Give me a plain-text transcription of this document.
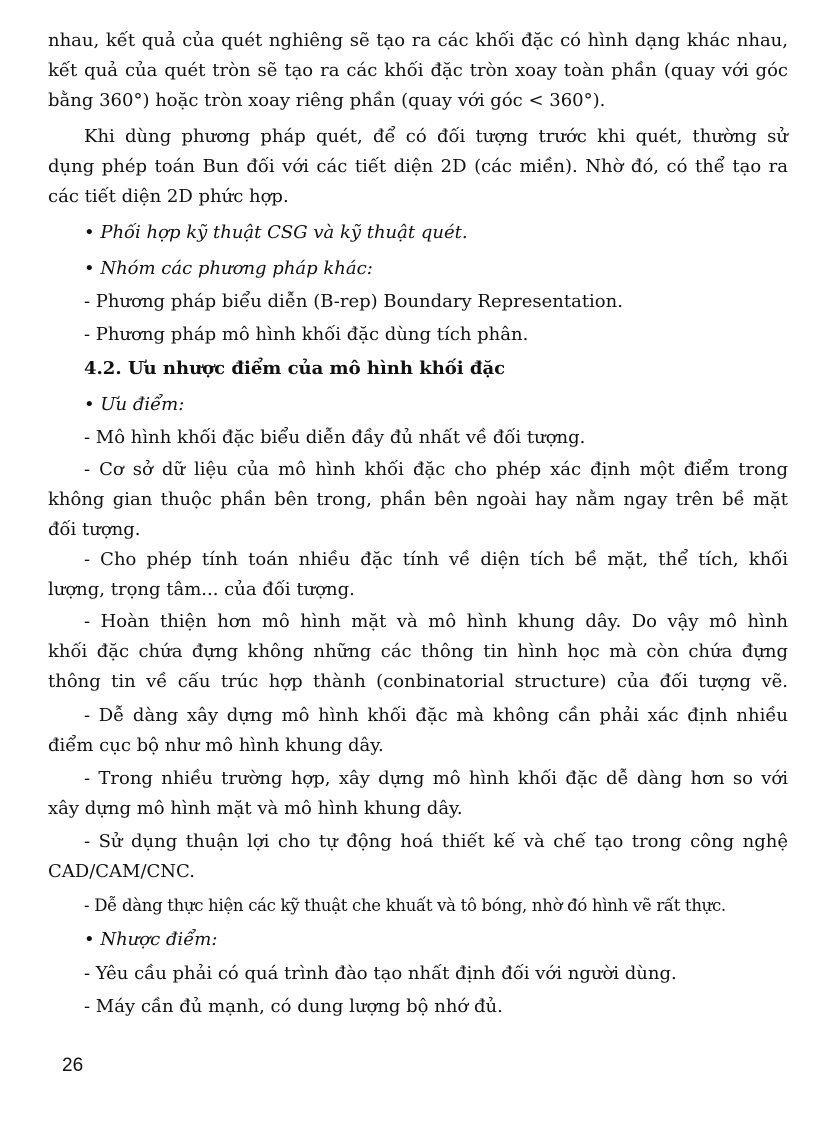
nhau, kết quả của quét nghiêng sẽ tạo ra các khối đặc có hình dạng khác nhau,
kết quả của quét tròn sẽ tạo ra các khối đặc tròn xoay toàn phần (quay với góc
bằng 360°) hoặc tròn xoay riêng phần (quay với góc < 360°).
Khi dùng phương pháp quét, để có đối tượng trước khi quét, thường sử
dụng phép toán Bun đối với các tiết diện 2D (các miền). Nhờ đó, có thể tạo ra
các tiết diện 2D phức hợp.
• Phối hợp kỹ thuật CSG và kỹ thuật quét.
• Nhóm các phương pháp khác:
- Phương pháp biểu diễn (B-rep) Boundary Representation.
- Phương pháp mô hình khối đặc dùng tích phân.
4.2. Ưu nhược điểm của mô hình khối đặc
• Ưu điểm:
- Mô hình khối đặc biểu diễn đầy đủ nhất về đối tượng.
- Cơ sở dữ liệu của mô hình khối đặc cho phép xác định một điểm trong
không gian thuộc phần bên trong, phần bên ngoài hay nằm ngay trên bề mặt
đối tượng.
- Cho phép tính toán nhiều đặc tính về diện tích bề mặt, thể tích, khối
lượng, trọng tâm... của đối tượng.
- Hoàn thiện hơn mô hình mặt và mô hình khung dây. Do vậy mô hình
khối đặc chứa đựng không những các thông tin hình học mà còn chứa đựng
thông tin về cấu trúc hợp thành (conbinatorial structure) của đối tượng vẽ.
- Dễ dàng xây dựng mô hình khối đặc mà không cần phải xác định nhiều
điểm cục bộ như mô hình khung dây.
- Trong nhiều trường hợp, xây dựng mô hình khối đặc dễ dàng hơn so với
xây dựng mô hình mặt và mô hình khung dây.
- Sử dụng thuận lợi cho tự động hoá thiết kế và chế tạo trong công nghệ
CAD/CAM/CNC.
- Dễ dàng thực hiện các kỹ thuật che khuất và tô bóng, nhờ đó hình vẽ rất thực.
• Nhược điểm:
- Yêu cầu phải có quá trình đào tạo nhất định đối với người dùng.
- Máy cần đủ mạnh, có dung lượng bộ nhớ đủ.
26
